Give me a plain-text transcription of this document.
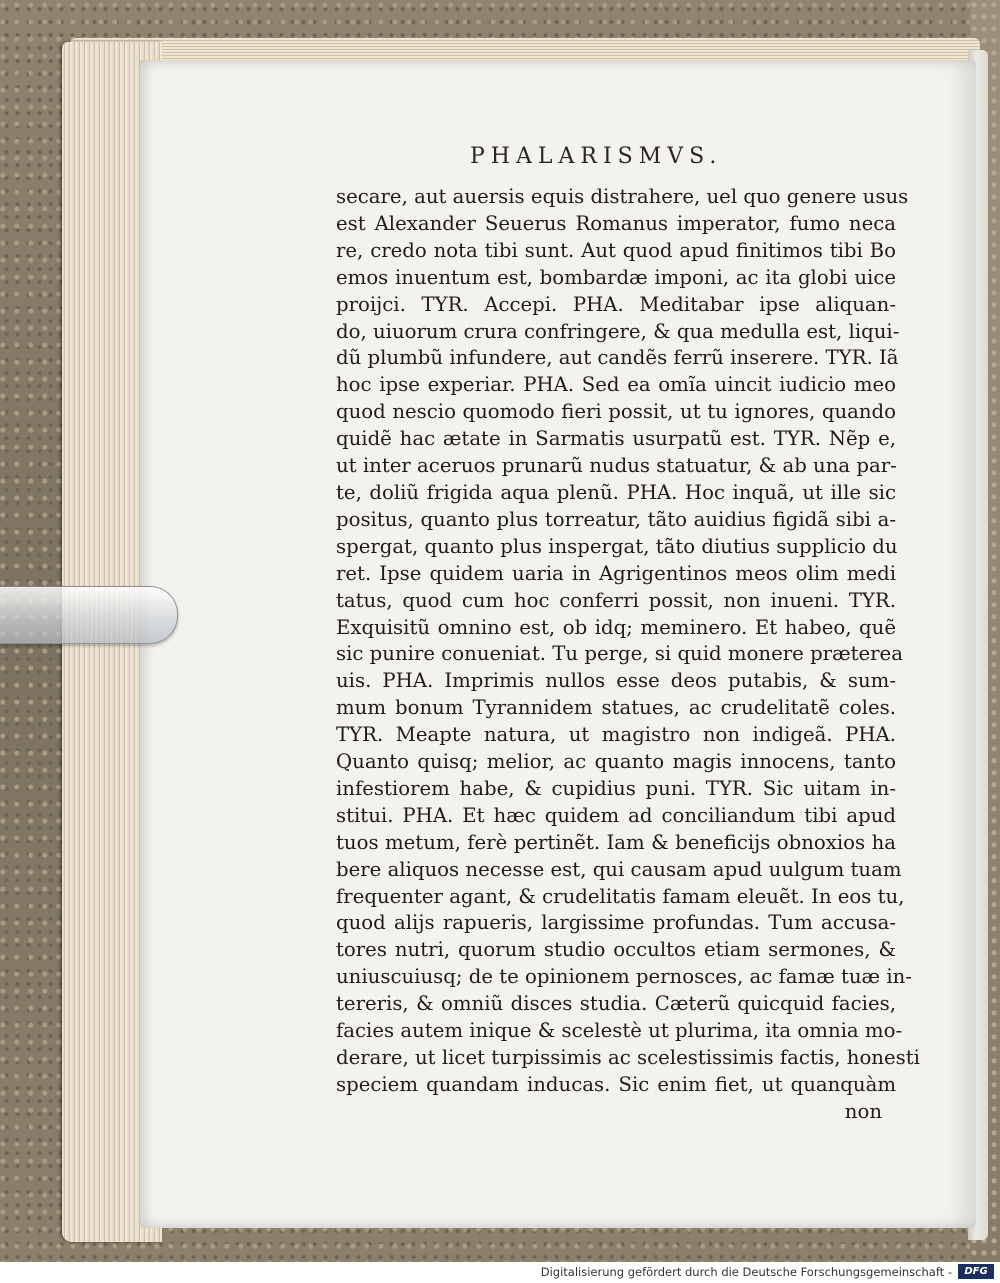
PHALARISMVS.
secare, aut auersis equis distrahere, uel quo genere usus
est Alexander Seuerus Romanus imperator, fumo neca
re, credo nota tibi sunt. Aut quod apud finitimos tibi Bo
emos inuentum est, bombardæ imponi, ac ita globi uice
proijci. TYR. Accepi. PHA. Meditabar ipse aliquan-
do, uiuorum crura confringere, & qua medulla est, liqui-
dũ plumbũ infundere, aut candẽs ferrũ inserere. TYR. Iã
hoc ipse experiar. PHA. Sed ea omĩa uincit iudicio meo
quod nescio quomodo fieri possit, ut tu ignores, quando
quidẽ hac ætate in Sarmatis usurpatũ est. TYR. Nẽp e,
ut inter aceruos prunarũ nudus statuatur, & ab una par-
te, doliũ frigida aqua plenũ. PHA. Hoc inquã, ut ille sic
positus, quanto plus torreatur, tãto auidius figidã sibi a-
spergat, quanto plus inspergat, tãto diutius supplicio du
ret. Ipse quidem uaria in Agrigentinos meos olim medi
tatus, quod cum hoc conferri possit, non inueni. TYR.
Exquisitũ omnino est, ob idq; meminero. Et habeo, quẽ
sic punire conueniat. Tu perge, si quid monere præterea
uis. PHA. Imprimis nullos esse deos putabis, & sum-
mum bonum Tyrannidem statues, ac crudelitatẽ coles.
TYR. Meapte natura, ut magistro non indigeã. PHA.
Quanto quisq; melior, ac quanto magis innocens, tanto
infestiorem habe, & cupidius puni. TYR. Sic uitam in-
stitui. PHA. Et hæc quidem ad conciliandum tibi apud
tuos metum, ferè pertinẽt. Iam & beneficijs obnoxios ha
bere aliquos necesse est, qui causam apud uulgum tuam
frequenter agant, & crudelitatis famam eleuẽt. In eos tu,
quod alijs rapueris, largissime profundas. Tum accusa-
tores nutri, quorum studio occultos etiam sermones, &
uniuscuiusq; de te opinionem pernosces, ac famæ tuæ in-
tereris, & omniũ disces studia. Cæterũ quicquid facies,
facies autem inique & scelestè ut plurima, ita omnia mo-
derare, ut licet turpissimis ac scelestissimis factis, honesti
speciem quandam inducas. Sic enim fiet, ut quanquàm
non
Digitalisierung gefördert durch die Deutsche Forschungsgemeinschaft -	DFG
